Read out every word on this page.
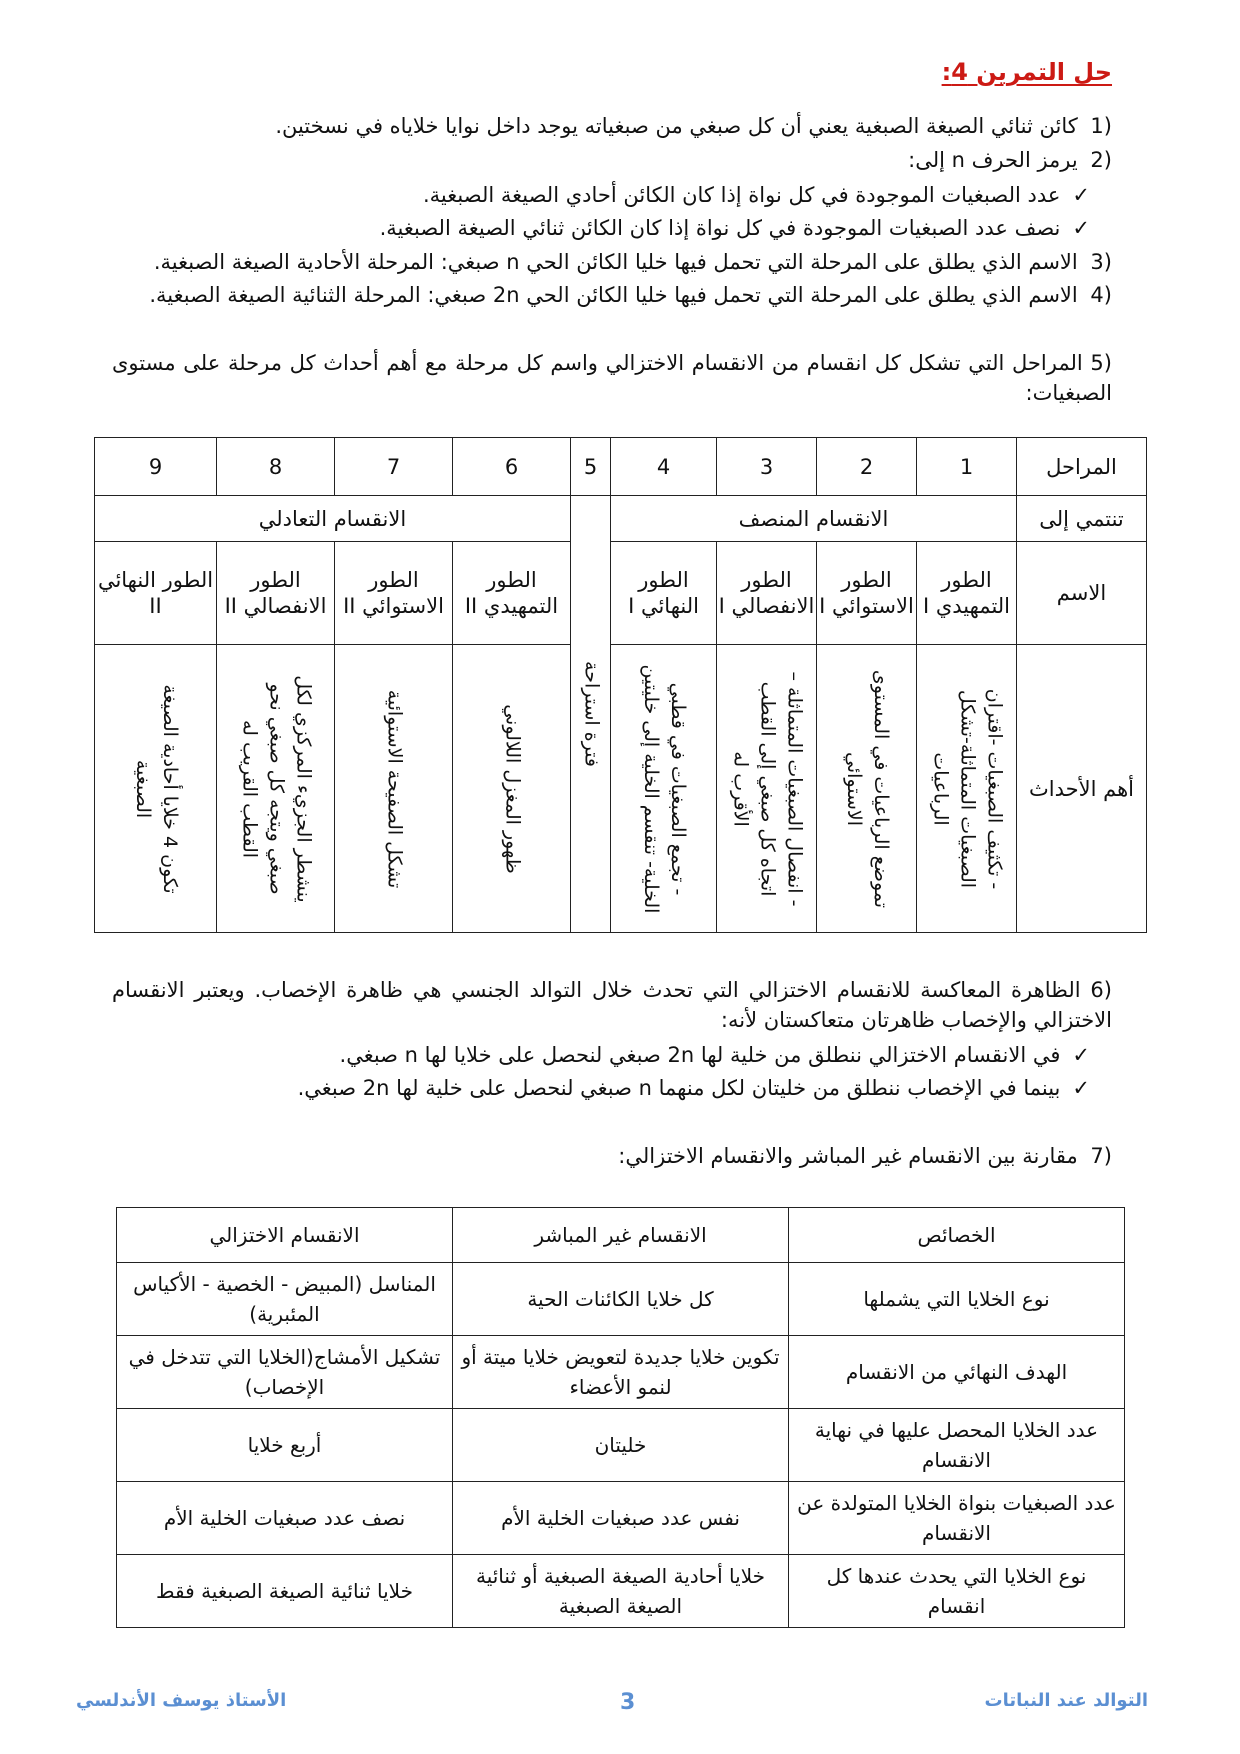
حل التمرين 4:
(1 كائن ثنائي الصيغة الصبغية يعني أن كل صبغي من صبغياته يوجد داخل نوايا خلاياه في نسختين.
(2 يرمز الحرف n إلى:
✓عدد الصبغيات الموجودة في كل نواة إذا كان الكائن أحادي الصيغة الصبغية.
✓نصف عدد الصبغيات الموجودة في كل نواة إذا كان الكائن ثنائي الصيغة الصبغية.
(3 الاسم الذي يطلق على المرحلة التي تحمل فيها خليا الكائن الحي n صبغي: المرحلة الأحادية الصيغة الصبغية.
(4 الاسم الذي يطلق على المرحلة التي تحمل فيها خليا الكائن الحي 2n صبغي: المرحلة الثنائية الصيغة الصبغية.
(5 المراحل التي تشكل كل انقسام من الانقسام الاختزالي واسم كل مرحلة مع أهم أحداث كل مرحلة على مستوى الصبغيات:
المراحل	1	2	3	4	5	6	7	8	9
تنتمي إلى	الانقسام المنصف				فترة استراحة	الانقسام التعادلي			
الاسم	الطور التمهيدي I	الطور الاستوائي I	الطور الانفصالي I	الطور النهائي I		الطور التمهيدي II	الطور الاستوائي II	الطور الانفصالي II	الطور النهائي II
أهم الأحداث	- تكثيف الصبغيات -اقتران الصبغيات المتماثلة-تشكل الرباعيات	تموضع الرباعيات في المستوى الاستوائي	- انفصال الصبغيات المتماثلة – اتجاه كل صبغي إلى القطب الأقرب له	- تجمع الصبغيات في قطبي الخلية- تنقسم الخلية إلى خليتين		ظهور المغزل اللالوني	تشكل الصفيحة الاستوائية	ينشطر الجزيء المركزي لكل صبغي ويتجه كل صبغي نحو القطب القريب له	تكون 4 خلايا أحادية الصيغة الصبغية
(6 الظاهرة المعاكسة للانقسام الاختزالي التي تحدث خلال التوالد الجنسي هي ظاهرة الإخصاب. ويعتبر الانقسام الاختزالي والإخصاب ظاهرتان متعاكستان لأنه:
✓في الانقسام الاختزالي ننطلق من خلية لها 2n صبغي لنحصل على خلايا لها n صبغي.
✓بينما في الإخصاب ننطلق من خليتان لكل منهما n صبغي لنحصل على خلية لها 2n صبغي.
(7 مقارنة بين الانقسام غير المباشر والانقسام الاختزالي:
الخصائص	الانقسام غير المباشر	الانقسام الاختزالي
نوع الخلايا التي يشملها	كل خلايا الكائنات الحية	المناسل (المبيض - الخصية - الأكياس المئبرية)
الهدف النهائي من الانقسام	تكوين خلايا جديدة لتعويض خلايا ميتة أو لنمو الأعضاء	تشكيل الأمشاج(الخلايا التي تتدخل في الإخصاب)
عدد الخلايا المحصل عليها في نهاية الانقسام	خليتان	أربع خلايا
عدد الصبغيات بنواة الخلايا المتولدة عن الانقسام	نفس عدد صبغيات الخلية الأم	نصف عدد صبغيات الخلية الأم
نوع الخلايا التي يحدث عندها كل انقسام	خلايا أحادية الصيغة الصبغية أو ثنائية الصيغة الصبغية	خلايا ثنائية الصيغة الصبغية فقط
التوالد عند النباتات
3
الأستاذ يوسف الأندلسي
